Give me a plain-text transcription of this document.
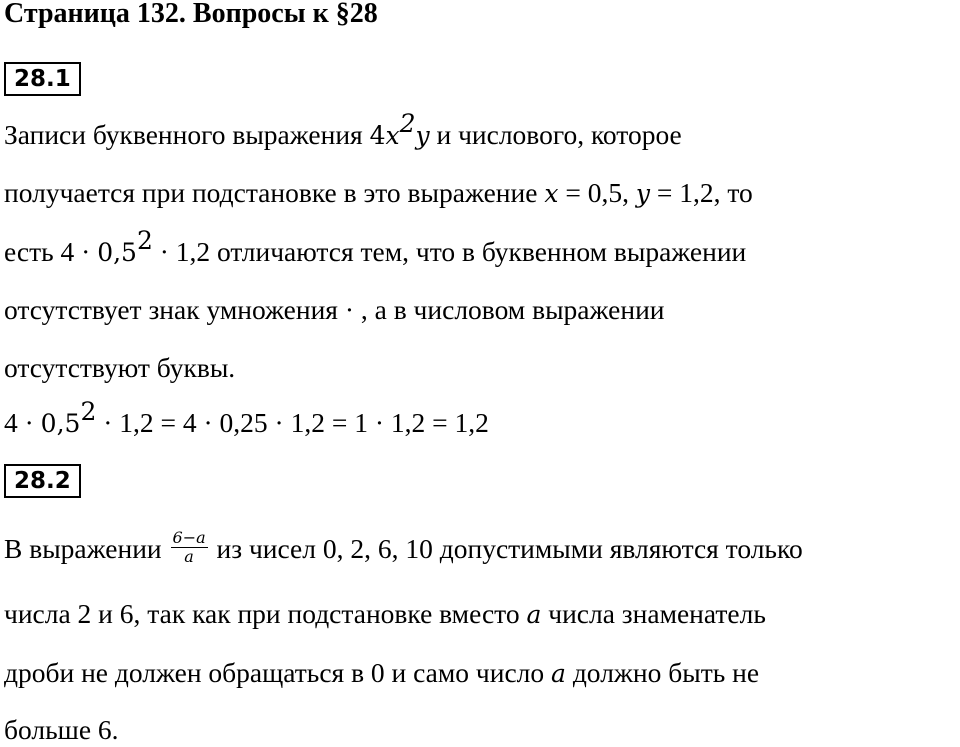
Страница 132. Вопросы к §28
28.1
Записи буквенного выражения $4x^2y$ и числового, которое
получается при подстановке в это выражение x = 0,5, y = 1,2, то
есть $4 \cdot 0,5^2 \cdot 1,2$ отличаются тем, что в буквенном выражении
отсутствует знак умножения · , а в числовом выражении
отсутствуют буквы.
$4 \cdot 0,5^2 \cdot 1,2 = 4 \cdot 0,25 \cdot 1,2 = 1 \cdot 1,2 = 1,2$
28.2
В выражении $\frac{6-a}{a}$ из чисел 0, 2, 6, 10 допустимыми являются только
числа 2 и 6, так как при подстановке вместо a числа знаменатель
дроби не должен обращаться в 0 и само число a должно быть не
больше 6.
